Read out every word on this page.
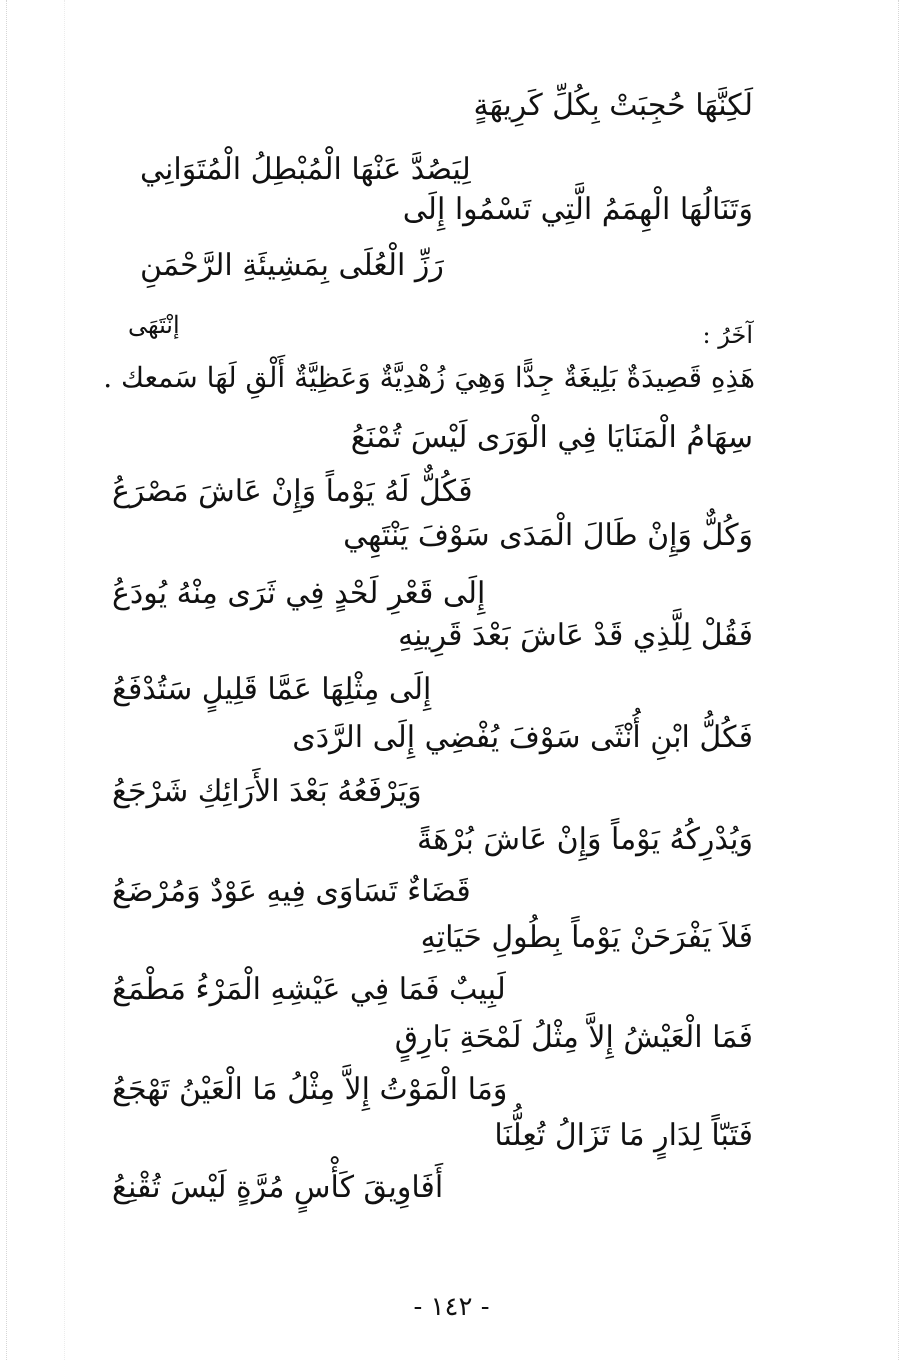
لَكِنَّهَا حُجِبَتْ بِكُلِّ كَرِيهَةٍ
لِيَصُدَّ عَنْهَا الْمُبْطِلُ الْمُتَوَانِي
وَتَنَالُهَا الْهِمَمُ الَّتِي تَسْمُوا إِلَى
رَزِّ الْعُلَى بِمَشِيئَةِ الرَّحْمَنِ
إنْتَهَى	آخَرُ :
هَذِهِ قَصِيدَةٌ بَلِيغَةٌ جِدًّا وَهِيَ زُهْدِيَّةٌ وَعَظِيَّةٌ أَلْقِ لَهَا سَمعك .
سِهَامُ الْمَنَايَا فِي الْوَرَى لَيْسَ تُمْنَعُ
فَكُلٌّ لَهُ يَوْماً وَإِنْ عَاشَ مَصْرَعُ
وَكُلٌّ وَإِنْ طَالَ الْمَدَى سَوْفَ يَنْتَهِي
إِلَى قَعْرِ لَحْدٍ فِي ثَرَى مِنْهُ يُودَعُ
فَقُلْ لِلَّذِي قَدْ عَاشَ بَعْدَ قَرِينِهِ
إِلَى مِثْلِهَا عَمَّا قَلِيلٍ سَتُدْفَعُ
فَكُلُّ ابْنِ أُنْثَى سَوْفَ يُفْضِي إِلَى الرَّدَى
وَيَرْفَعُهُ بَعْدَ الأَرَائِكِ شَرْجَعُ
وَيُدْرِكُهُ يَوْماً وَإِنْ عَاشَ بُرْهَةً
قَضَاءٌ تَسَاوَى فِيهِ عَوْدٌ وَمُرْضَعُ
فَلاَ يَفْرَحَنْ يَوْماً بِطُولِ حَيَاتِهِ
لَبِيبٌ فَمَا فِي عَيْشِهِ الْمَرْءُ مَطْمَعُ
فَمَا الْعَيْشُ إِلاَّ مِثْلُ لَمْحَةِ بَارِقٍ
وَمَا الْمَوْتُ إِلاَّ مِثْلُ مَا الْعَيْنُ تَهْجَعُ
فَتَبّاً لِدَارٍ مَا تَزَالُ تُعِلُّنَا
أَفَاوِيقَ كَأْسٍ مُرَّةٍ لَيْسَ تُقْنِعُ
- ١٤٢ -
